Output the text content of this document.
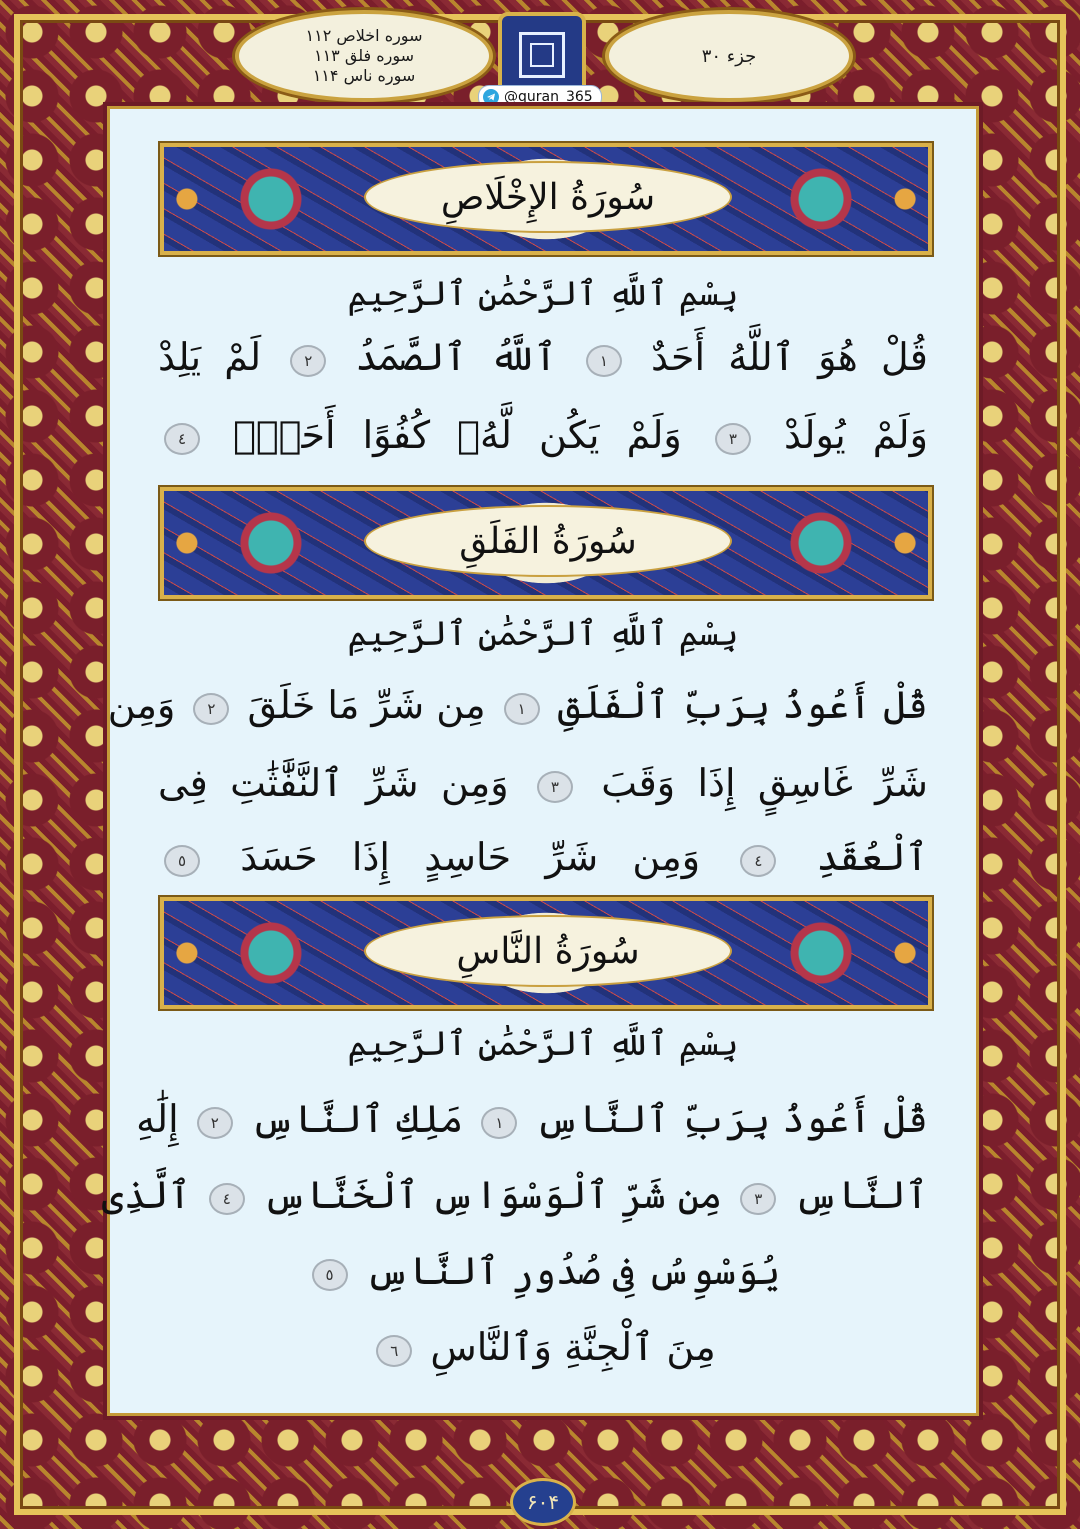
سوره اخلاص ۱۱۲
سوره فلق ۱۱۳
سوره ناس ۱۱۴
جزء ۳۰
@quran_365
سُورَةُ الإِخْلَاصِ
بِسْمِ ٱللَّهِ ٱلرَّحْمَٰنِ ٱلرَّحِيمِ
قُلْ هُوَ ٱللَّهُ أَحَدٌ ١ ٱللَّهُ ٱلصَّمَدُ ٢ لَمْ يَلِدْ
وَلَمْ يُولَدْ ٣ وَلَمْ يَكُن لَّهُۥ كُفُوًا أَحَدٌۢ ٤
سُورَةُ الفَلَقِ
بِسْمِ ٱللَّهِ ٱلرَّحْمَٰنِ ٱلرَّحِيمِ
قُلْ أَعُوذُ بِرَبِّ ٱلْفَلَقِ ١ مِن شَرِّ مَا خَلَقَ ٢ وَمِن
شَرِّ غَاسِقٍ إِذَا وَقَبَ ٣ وَمِن شَرِّ ٱلنَّفَّٰثَٰتِ فِى
ٱلْعُقَدِ ٤ وَمِن شَرِّ حَاسِدٍ إِذَا حَسَدَ ٥
سُورَةُ النَّاسِ
بِسْمِ ٱللَّهِ ٱلرَّحْمَٰنِ ٱلرَّحِيمِ
قُلْ أَعُوذُ بِرَبِّ ٱلنَّاسِ ١ مَلِكِ ٱلنَّاسِ ٢ إِلَٰهِ
ٱلنَّاسِ ٣ مِن شَرِّ ٱلْوَسْوَاسِ ٱلْخَنَّاسِ ٤ ٱلَّذِى
يُوَسْوِسُ فِى صُدُورِ ٱلنَّاسِ ٥
مِنَ ٱلْجِنَّةِ وَٱلنَّاسِ ٦
۶۰۴
